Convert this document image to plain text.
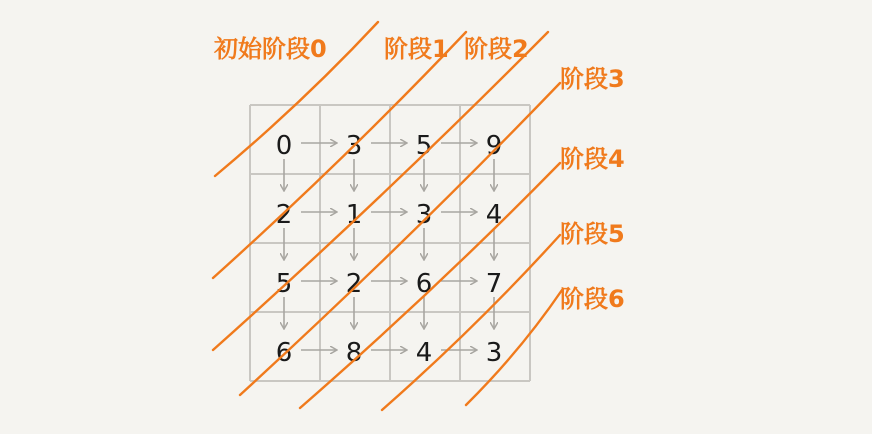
0 3 5 9
2 1 3 4
5 2 6 7
6 8 4 3
初始阶段0 阶段1 阶段2
阶段3
阶段4
阶段5
阶段6
